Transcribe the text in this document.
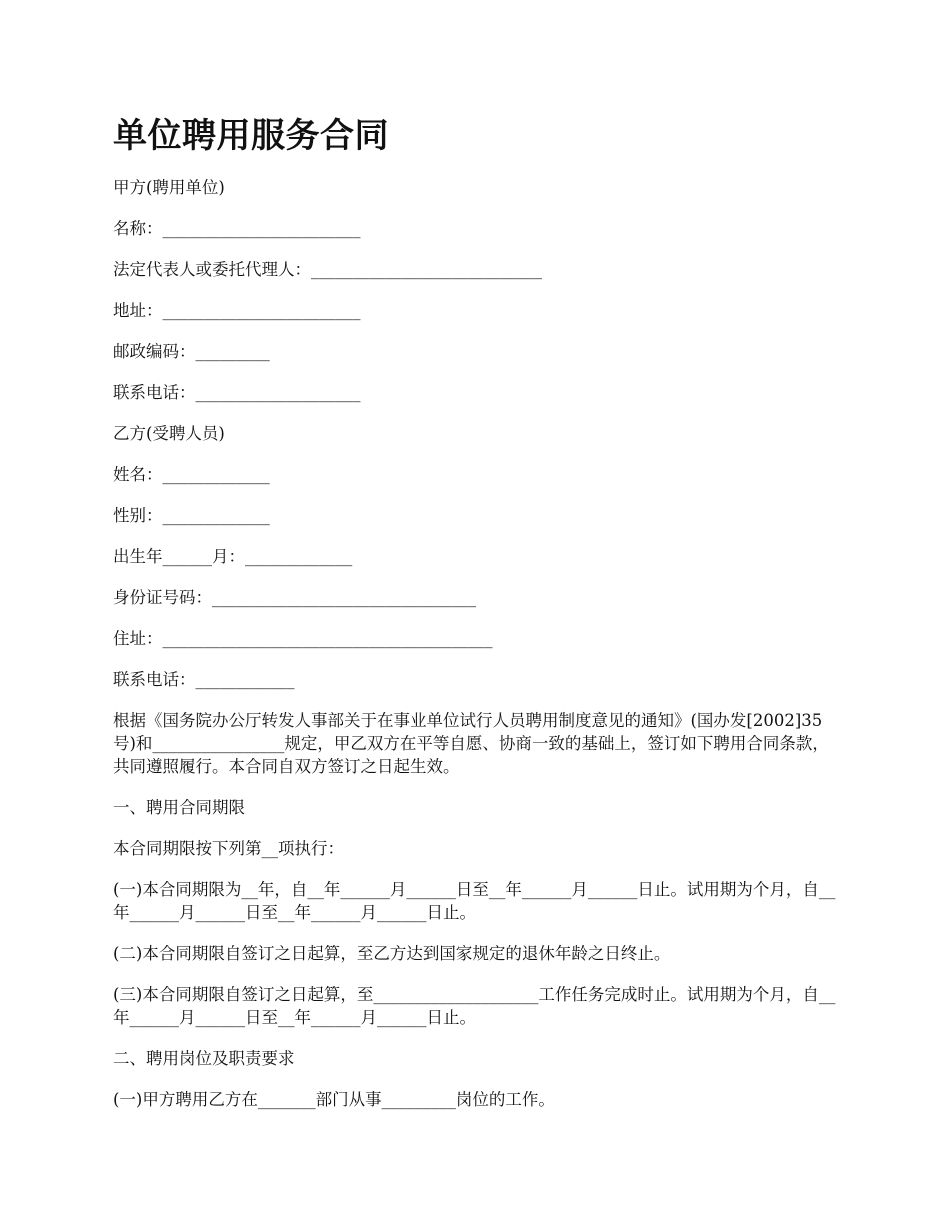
单位聘用服务合同

甲方(聘用单位)

名称：________________________

法定代表人或委托代理人：____________________________

地址：________________________

邮政编码：_________

联系电话：____________________

乙方(受聘人员)

姓名：_____________

性别：_____________

出生年______月：_____________

身份证号码：________________________________

住址：________________________________________

联系电话：____________

根据《国务院办公厅转发人事部关于在事业单位试行人员聘用制度意见的通知》(国办发[2002]35号)和________________规定，甲乙双方在平等自愿、协商一致的基础上，签订如下聘用合同条款，共同遵照履行。本合同自双方签订之日起生效。

一、聘用合同期限

本合同期限按下列第__项执行：

(一)本合同期限为__年，自__年______月______日至__年______月______日止。试用期为个月，自__年______月______日至__年______月______日止。

(二)本合同期限自签订之日起算，至乙方达到国家规定的退休年龄之日终止。

(三)本合同期限自签订之日起算，至____________________工作任务完成时止。试用期为个月，自__年______月______日至__年______月______日止。

二、聘用岗位及职责要求

(一)甲方聘用乙方在_______部门从事_________岗位的工作。
